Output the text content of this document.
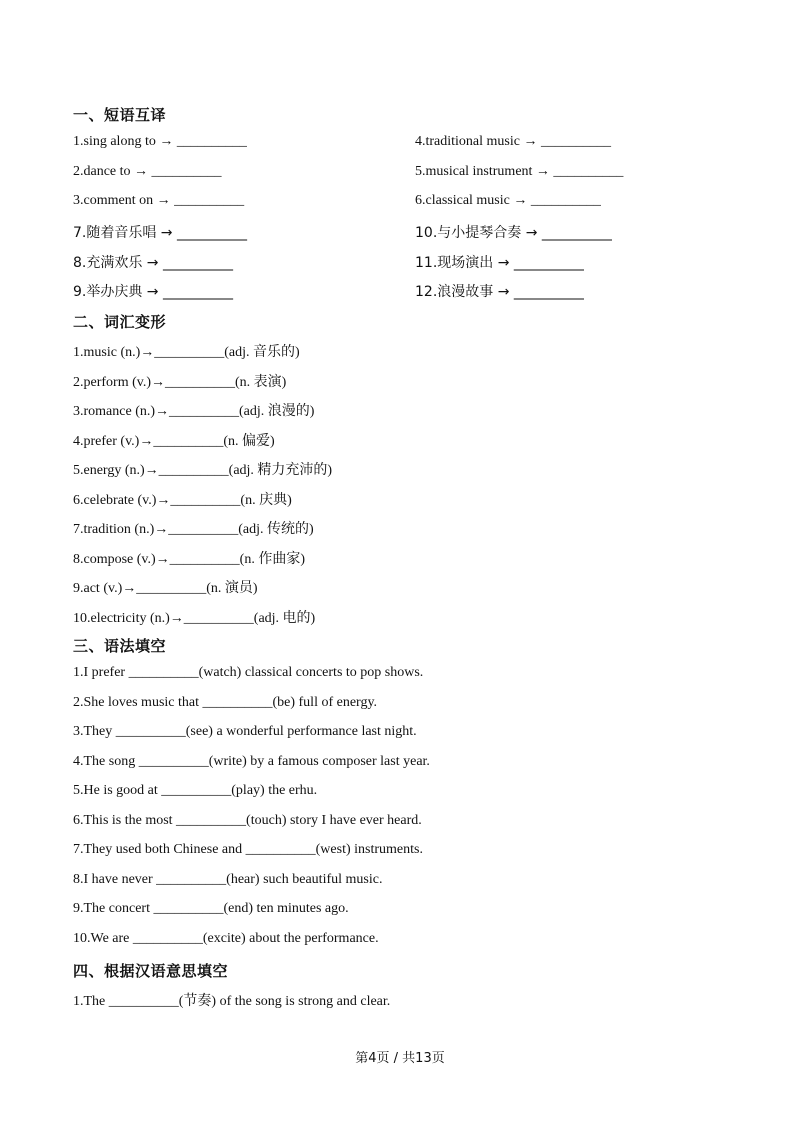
一、短语互译
1.sing along to → __________
2.dance to → __________
3.comment on → __________
7.随着音乐唱 → __________
8.充满欢乐 → __________
9.举办庆典 → __________
4.traditional music → __________
5.musical instrument → __________
6.classical music → __________
10.与小提琴合奏 → __________
11.现场演出 → __________
12.浪漫故事 → __________
二、词汇变形
1.music (n.)→__________(adj. 音乐的)
2.perform (v.)→__________(n. 表演)
3.romance (n.)→__________(adj. 浪漫的)
4.prefer (v.)→__________(n. 偏爱)
5.energy (n.)→__________(adj. 精力充沛的)
6.celebrate (v.)→__________(n. 庆典)
7.tradition (n.)→__________(adj. 传统的)
8.compose (v.)→__________(n. 作曲家)
9.act (v.)→__________(n. 演员)
10.electricity (n.)→__________(adj. 电的)
三、语法填空
1.I prefer __________(watch) classical concerts to pop shows.
2.She loves music that __________(be) full of energy.
3.They __________(see) a wonderful performance last night.
4.The song __________(write) by a famous composer last year.
5.He is good at __________(play) the erhu.
6.This is the most __________(touch) story I have ever heard.
7.They used both Chinese and __________(west) instruments.
8.I have never __________(hear) such beautiful music.
9.The concert __________(end) ten minutes ago.
10.We are __________(excite) about the performance.
四、根据汉语意思填空
1.The __________(节奏) of the song is strong and clear.
第4页 / 共13页
